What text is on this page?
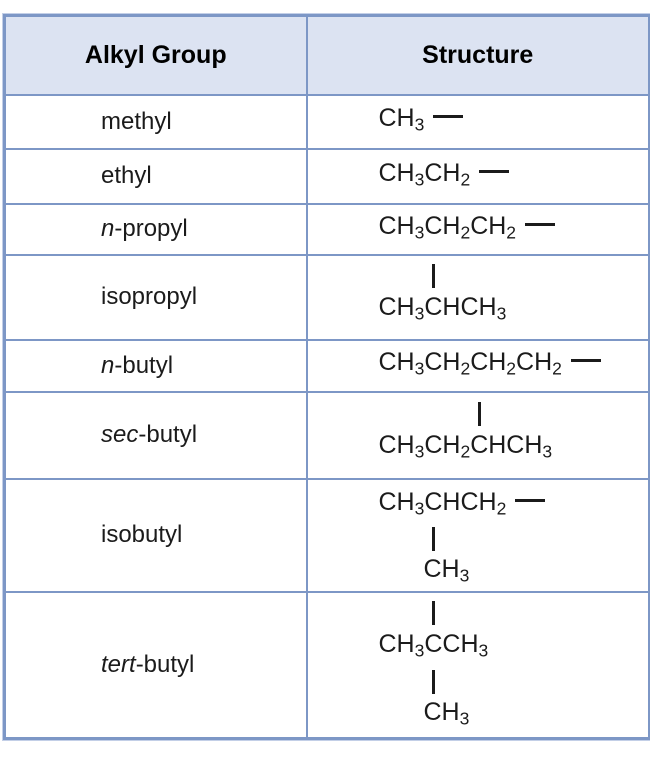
Alkyl Group	Structure
methyl	$CH_3$

ethyl	$CH_3CH_2$

n-propyl	$CH_3CH_2CH_2$

isopropyl	$CH_3CHCH_3$

n-butyl	$CH_3CH_2CH_2CH_2$

sec-butyl	$CH_3CH_2CHCH_3$

isobutyl	$CH_3CHCH_2$
$CH_3$

tert-butyl	$CH_3CCH_3$
$CH_3$
